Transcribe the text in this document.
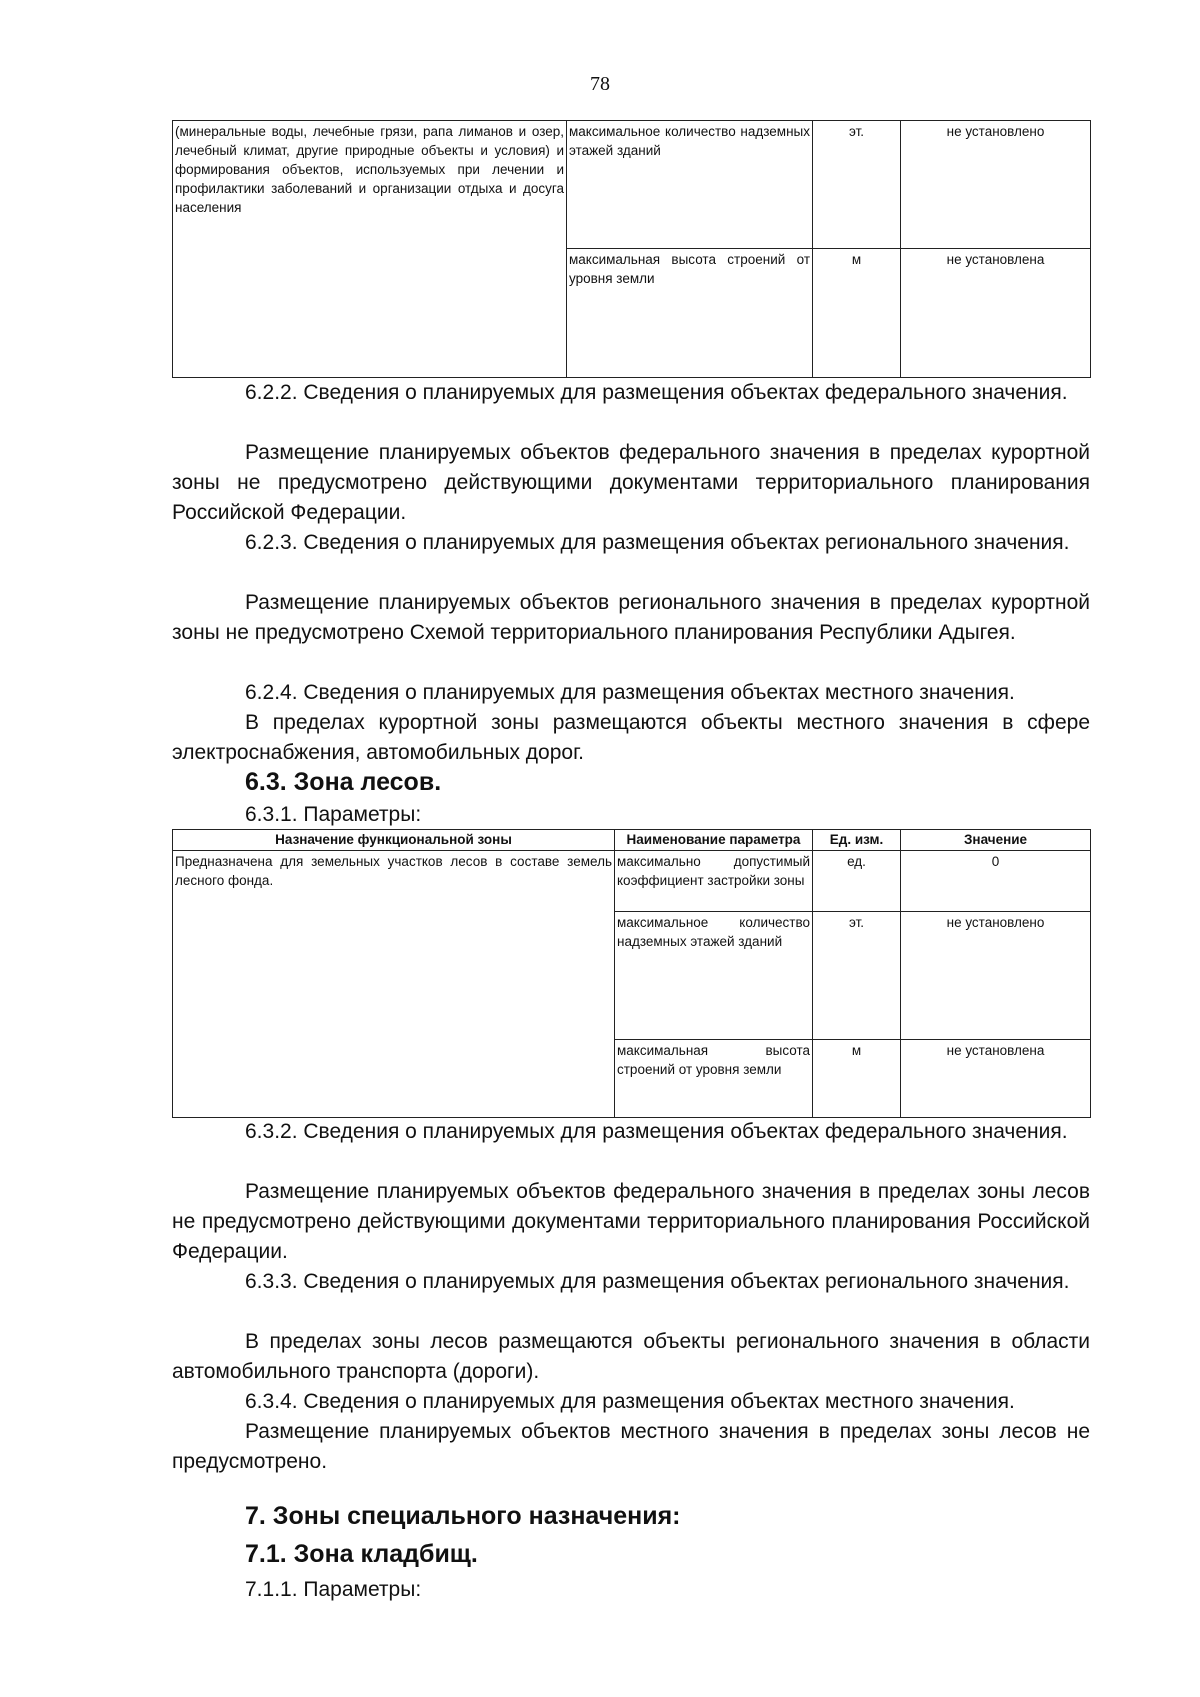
78
(минеральные воды, лечебные грязи, рапа лиманов и озер, лечебный климат, другие природные объекты и условия) и формирования объектов, используемых при лечении и профилактики заболеваний и организации отдыха и досуга населения	максимальное количество надземных этажей зданий	эт.	не установлено
	максимальная высота строений от уровня земли	м	не установлена
6.2.2. Сведения о планируемых для размещения объектах федерального значения.
Размещение планируемых объектов федерального значения в пределах курортной зоны не предусмотрено действующими документами территориального планирования Российской Федерации.
6.2.3. Сведения о планируемых для размещения объектах регионального значения.
Размещение планируемых объектов регионального значения в пределах курортной зоны не предусмотрено Схемой территориального планирования Республики Адыгея.
6.2.4. Сведения о планируемых для размещения объектах местного значения.
В пределах курортной зоны размещаются объекты местного значения в сфере электроснабжения, автомобильных дорог.
6.3. Зона лесов.
6.3.1. Параметры:
Назначение функциональной зоны	Наименование параметра	Ед. изм.	Значение
Предназначена для земельных участков лесов в составе земель лесного фонда.	максимально допустимый коэффициент застройки зоны	ед.	0
	максимальное количество надземных этажей зданий	эт.	не установлено
	максимальная высота строений от уровня земли	м	не установлена
6.3.2. Сведения о планируемых для размещения объектах федерального значения.
Размещение планируемых объектов федерального значения в пределах зоны лесов не предусмотрено действующими документами территориального планирования Российской Федерации.
6.3.3. Сведения о планируемых для размещения объектах регионального значения.
В пределах зоны лесов размещаются объекты регионального значения в области автомобильного транспорта (дороги).
6.3.4. Сведения о планируемых для размещения объектах местного значения.
Размещение планируемых объектов местного значения в пределах зоны лесов не предусмотрено.
7. Зоны специального назначения:
7.1. Зона кладбищ.
7.1.1. Параметры:
